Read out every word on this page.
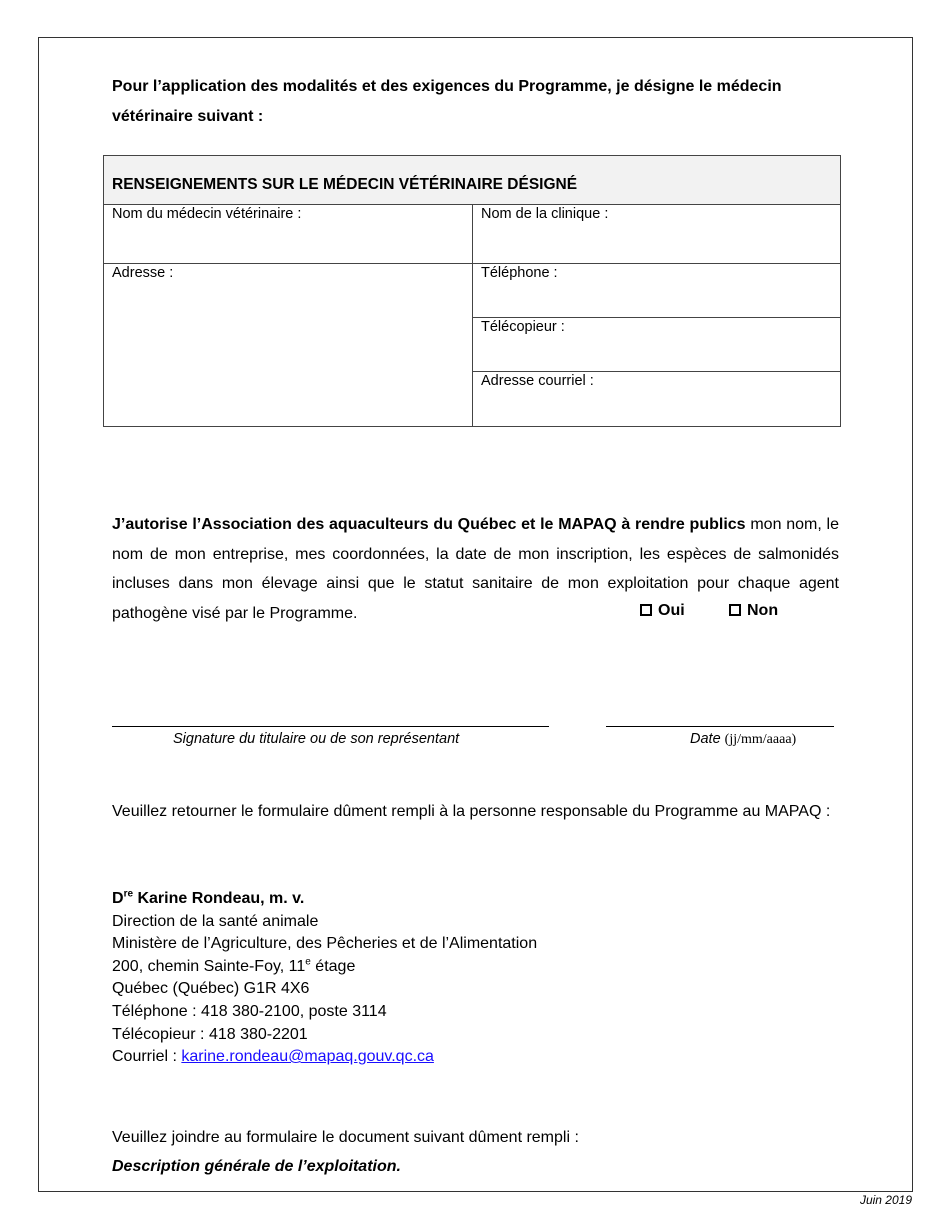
Pour l’application des modalités et des exigences du Programme, je désigne le médecin vétérinaire suivant :

RENSEIGNEMENTS SUR LE MÉDECIN VÉTÉRINAIRE DÉSIGNÉ
Nom du médecin vétérinaire :	Nom de la clinique :
Adresse :	Téléphone :
Télécopieur :
Adresse courriel :

J’autorise l’Association des aquaculteurs du Québec et le MAPAQ à rendre publics mon nom, le nom de mon entreprise, mes coordonnées, la date de mon inscription, les espèces de salmonidés incluses dans mon élevage ainsi que le statut sanitaire de mon exploitation pour chaque agent pathogène visé par le Programme.	Oui	Non
Signature du titulaire ou de son représentant	Date (jj/mm/aaaa)

Veuillez retourner le formulaire dûment rempli à la personne responsable du Programme au MAPAQ :

Dre Karine Rondeau, m. v.
Direction de la santé animale
Ministère de l’Agriculture, des Pêcheries et de l’Alimentation
200, chemin Sainte-Foy, 11e étage
Québec (Québec) G1R 4X6
Téléphone : 418 380-2100, poste 3114
Télécopieur : 418 380-2201
Courriel : karine.rondeau@mapaq.gouv.qc.ca

Veuillez joindre au formulaire le document suivant dûment rempli :

Description générale de l’exploitation.

Juin 2019
